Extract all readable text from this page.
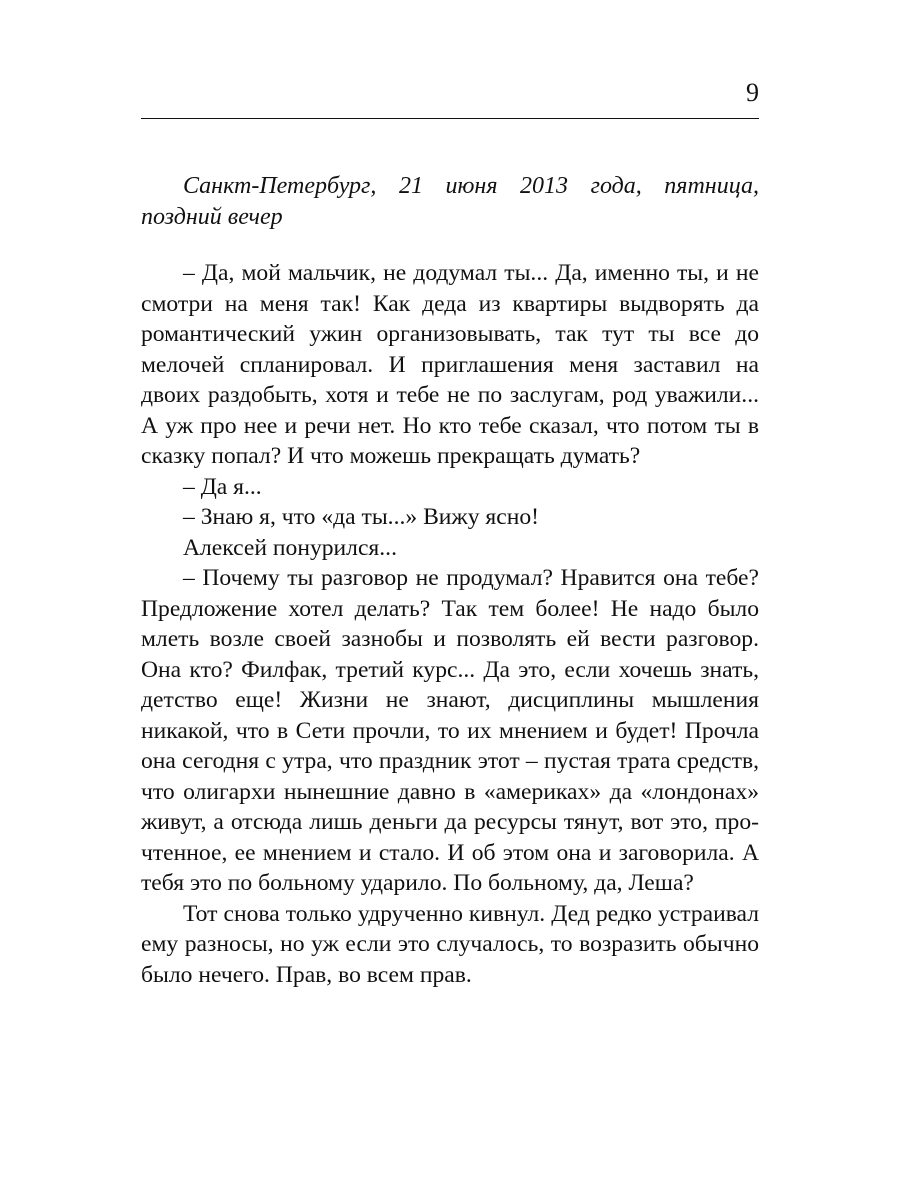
9

Санкт-Петербург, 21 июня 2013 года, пятница, поздний вечер

– Да, мой мальчик, не додумал ты... Да, именно ты, и не смотри на меня так! Как деда из квартиры выдворять да романтический ужин организовывать, так тут ты все до мелочей спланировал. И приглашения меня заставил на двоих раздобыть, хотя и тебе не по заслугам, род уважили... А уж про нее и речи нет. Но кто тебе сказал, что потом ты в сказку попал? И что можешь прекращать думать?

– Да я...

– Знаю я, что «да ты...» Вижу ясно!

Алексей понурился...

– Почему ты разговор не продумал? Нравится она тебе? Предложение хотел делать? Так тем более! Не надо было млеть возле своей зазнобы и позволять ей вести разговор. Она кто? Филфак, третий курс... Да это, если хочешь знать, детство еще! Жизни не знают, дисциплины мышления никакой, что в Сети прочли, то их мнением и будет! Прочла она сегодня с утра, что праздник этот – пустая трата средств, что олигархи нынешние давно в «америках» да «лондонах» живут, а отсюда лишь деньги да ресурсы тянут, вот это, прочтенное, ее мнением и стало. И об этом она и заговорила. А тебя это по больному ударило. По больному, да, Леша?

Тот снова только удрученно кивнул. Дед редко устраивал ему разносы, но уж если это случалось, то возразить обычно было нечего. Прав, во всем прав.
